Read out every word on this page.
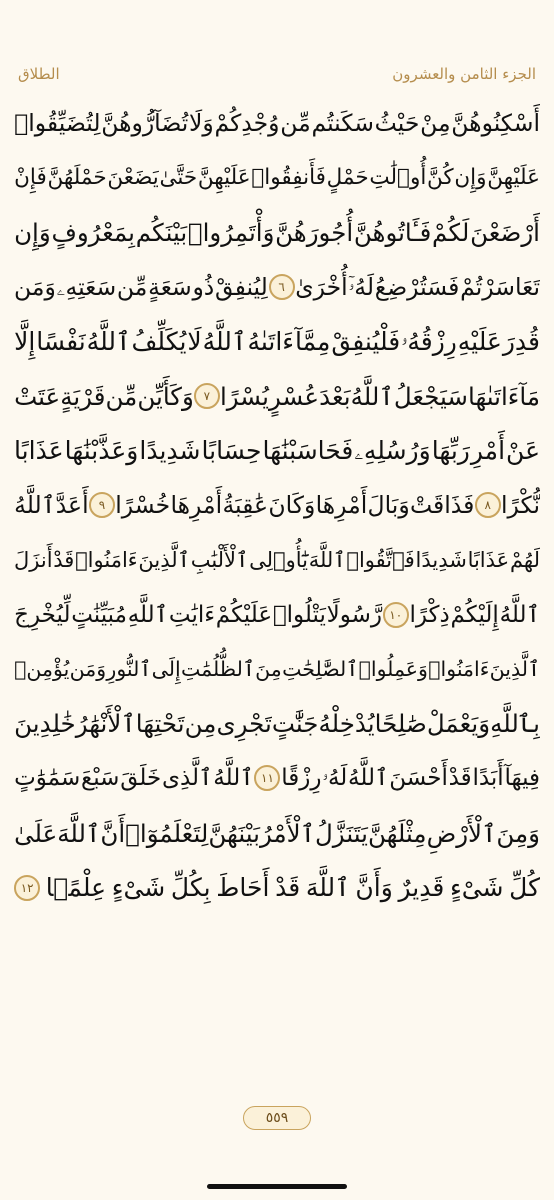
الجزء الثامن والعشرون
الطلاق
أَسْكِنُوهُنَّ
مِنْ
حَيْثُ
سَكَنتُم
مِّن
وُجْدِكُمْ
وَلَا
تُضَآرُّوهُنَّ
لِتُضَيِّقُوا۟
عَلَيْهِنَّ
وَإِن
كُنَّ
أُو۟لَٰتِ
حَمْلٍ
فَأَنفِقُوا۟
عَلَيْهِنَّ
حَتَّىٰ
يَضَعْنَ
حَمْلَهُنَّ
فَإِنْ
أَرْضَعْنَ
لَكُمْ
فَـَٔاتُوهُنَّ
أُجُورَهُنَّ
وَأْتَمِرُوا۟
بَيْنَكُم
بِمَعْرُوفٍ
وَإِن
تَعَاسَرْتُمْ
فَسَتُرْضِعُ
لَهُۥٓ
أُخْرَىٰ
٦
لِيُنفِقْ
ذُو
سَعَةٍ
مِّن
سَعَتِهِۦ
وَمَن
قُدِرَ
عَلَيْهِ
رِزْقُهُۥ
فَلْيُنفِقْ
مِمَّآ
ءَاتَىٰهُ
ٱللَّهُ
لَا
يُكَلِّفُ
ٱللَّهُ
نَفْسًا
إِلَّا
مَآ
ءَاتَىٰهَا
سَيَجْعَلُ
ٱللَّهُ
بَعْدَ
عُسْرٍ
يُسْرًا
٧
وَكَأَيِّن
مِّن
قَرْيَةٍ
عَتَتْ
عَنْ
أَمْرِ
رَبِّهَا
وَرُسُلِهِۦ
فَحَاسَبْنَٰهَا
حِسَابًا
شَدِيدًا
وَعَذَّبْنَٰهَا
عَذَابًا
نُّكْرًا
٨
فَذَاقَتْ
وَبَالَ
أَمْرِهَا
وَكَانَ
عَٰقِبَةُ
أَمْرِهَا
خُسْرًا
٩
أَعَدَّ
ٱللَّهُ
لَهُمْ
عَذَابًا
شَدِيدًا
فَٱتَّقُوا۟
ٱللَّهَ
يَٰٓأُو۟لِى
ٱلْأَلْبَٰبِ
ٱلَّذِينَ
ءَامَنُوا۟
قَدْ
أَنزَلَ
ٱللَّهُ
إِلَيْكُمْ
ذِكْرًا
١٠
رَّسُولًا
يَتْلُوا۟
عَلَيْكُمْ
ءَايَٰتِ
ٱللَّهِ
مُبَيِّنَٰتٍ
لِّيُخْرِجَ
ٱلَّذِينَ
ءَامَنُوا۟
وَعَمِلُوا۟
ٱلصَّٰلِحَٰتِ
مِنَ
ٱلظُّلُمَٰتِ
إِلَى
ٱلنُّورِ
وَمَن
يُؤْمِنۢ
بِٱللَّهِ
وَيَعْمَلْ
صَٰلِحًا
يُدْخِلْهُ
جَنَّٰتٍ
تَجْرِى
مِن
تَحْتِهَا
ٱلْأَنْهَٰرُ
خَٰلِدِينَ
فِيهَآ
أَبَدًا
قَدْ
أَحْسَنَ
ٱللَّهُ
لَهُۥ
رِزْقًا
١١
ٱللَّهُ
ٱلَّذِى
خَلَقَ
سَبْعَ
سَمَٰوَٰتٍ
وَمِنَ
ٱلْأَرْضِ
مِثْلَهُنَّ
يَتَنَزَّلُ
ٱلْأَمْرُ
بَيْنَهُنَّ
لِتَعْلَمُوٓا۟
أَنَّ
ٱللَّهَ
عَلَىٰ
كُلِّ
شَىْءٍ
قَدِيرٌ
وَأَنَّ
ٱللَّهَ
قَدْ
أَحَاطَ
بِكُلِّ
شَىْءٍ
عِلْمًۢا
١٢
٥٥٩
